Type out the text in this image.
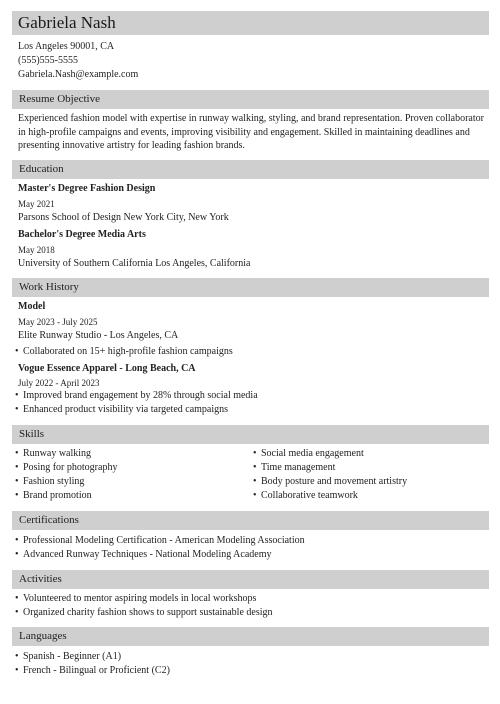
Gabriela Nash
Los Angeles 90001, CA
(555)555-5555
Gabriela.Nash@example.com
Resume Objective
Experienced fashion model with expertise in runway walking, styling, and brand representation. Proven collaborator in high-profile campaigns and events, improving visibility and engagement. Skilled in maintaining deadlines and presenting innovative artistry for leading fashion brands.
Education
Master's Degree Fashion Design
May 2021
Parsons School of Design New York City, New York
Bachelor's Degree Media Arts
May 2018
University of Southern California Los Angeles, California
Work History
Model
May 2023 - July 2025
Elite Runway Studio - Los Angeles, CA
• Collaborated on 15+ high-profile fashion campaigns
Vogue Essence Apparel - Long Beach, CA
July 2022 - April 2023
• Improved brand engagement by 28% through social media
• Enhanced product visibility via targeted campaigns
Skills
• Runway walking
• Posing for photography
• Fashion styling
• Brand promotion
• Social media engagement
• Time management
• Body posture and movement artistry
• Collaborative teamwork
Certifications
• Professional Modeling Certification - American Modeling Association
• Advanced Runway Techniques - National Modeling Academy
Activities
• Volunteered to mentor aspiring models in local workshops
• Organized charity fashion shows to support sustainable design
Languages
• Spanish - Beginner (A1)
• French - Bilingual or Proficient (C2)
